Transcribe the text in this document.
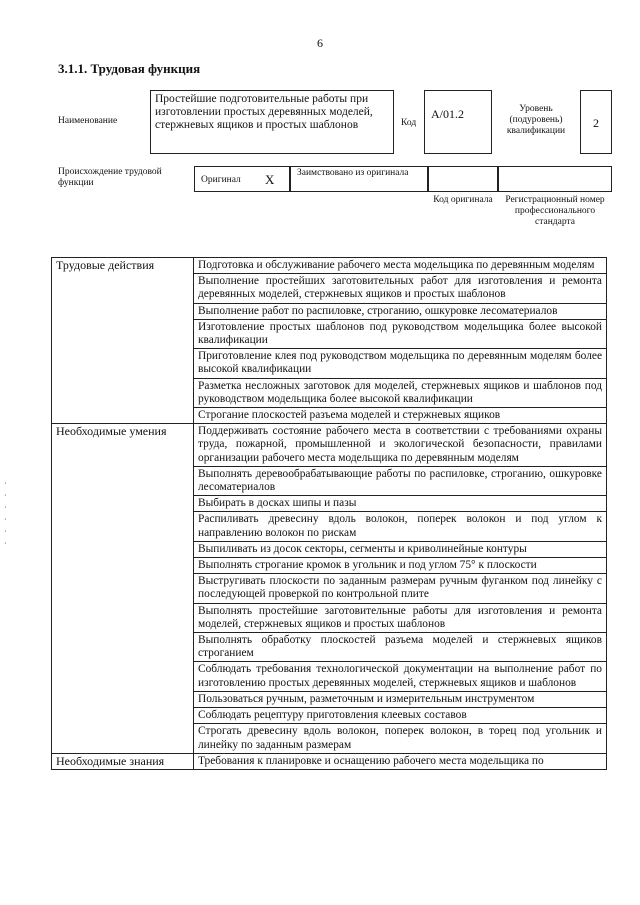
6
3.1.1. Трудовая функция
Наименование
Простейшие подготовительные работы при изготовлении простых деревянных моделей, стержневых ящиков и простых шаблонов	Код
A/01.2	Уровень (подуровень) квалификации
2
Происхождение трудовой функции	Оригинал X Заимствовано из оригинала
Код оригинала	Регистрационный номер профессионального стандарта
Трудовые действия	Подготовка и обслуживание рабочего места модельщика по деревянным моделям
	Выполнение простейших заготовительных работ для изготовления и ремонта деревянных моделей, стержневых ящиков и простых шаблонов
	Выполнение работ по распиловке, строганию, ошкуровке лесоматериалов
	Изготовление простых шаблонов под руководством модельщика более высокой квалификации
	Приготовление клея под руководством модельщика по деревянным моделям более высокой квалификации
	Разметка несложных заготовок для моделей, стержневых ящиков и шаблонов под руководством модельщика более высокой квалификации
	Строгание плоскостей разъема моделей и стержневых ящиков
Необходимые умения	Поддерживать состояние рабочего места в соответствии с требованиями охраны труда, пожарной, промышленной и экологической безопасности, правилами организации рабочего места модельщика по деревянным моделям
	Выполнять деревообрабатывающие работы по распиловке, строганию, ошкуровке лесоматериалов
	Выбирать в досках шипы и пазы
	Распиливать древесину вдоль волокон, поперек волокон и под углом к направлению волокон по рискам
	Выпиливать из досок секторы, сегменты и криволинейные контуры
	Выполнять строгание кромок в угольник и под углом 75° к плоскости
	Выстругивать плоскости по заданным размерам ручным фуганком под линейку с последующей проверкой по контрольной плите
	Выполнять простейшие заготовительные работы для изготовления и ремонта моделей, стержневых ящиков и простых шаблонов
	Выполнять обработку плоскостей разъема моделей и стержневых ящиков строганием
	Соблюдать требования технологической документации на выполнение работ по изготовлению простых деревянных моделей, стержневых ящиков и шаблонов
	Пользоваться ручным, разметочным и измерительным инструментом
	Соблюдать рецептуру приготовления клеевых составов
	Строгать древесину вдоль волокон, поперек волокон, в торец под угольник и линейку по заданным размерам
Необходимые знания	Требования к планировке и оснащению рабочего места модельщика по
·
·
·
·
·
·
